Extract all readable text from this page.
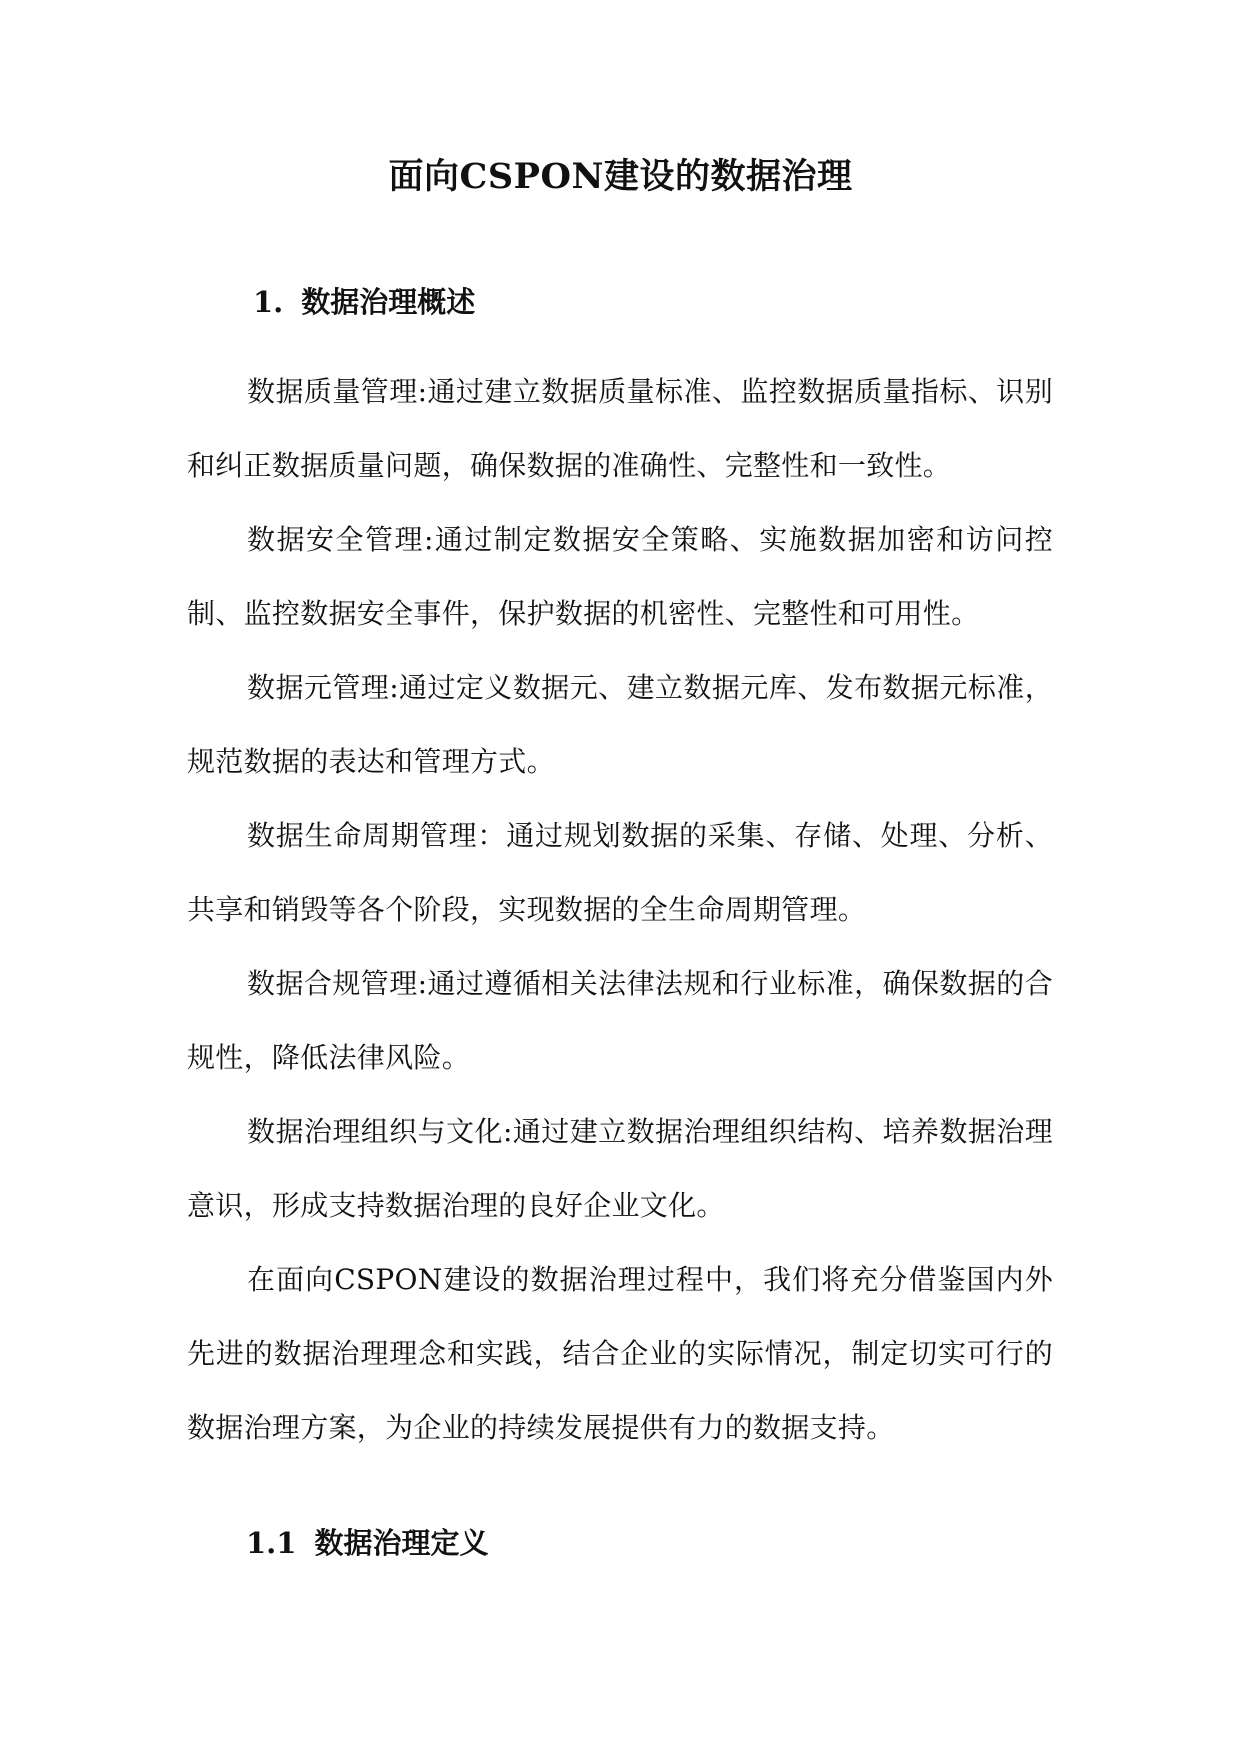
面向CSPON建设的数据治理
1. 数据治理概述

数据质量管理:通过建立数据质量标准、监控数据质量指标、识别和纠正数据质量问题，确保数据的准确性、完整性和一致性。

数据安全管理:通过制定数据安全策略、实施数据加密和访问控制、监控数据安全事件，保护数据的机密性、完整性和可用性。

数据元管理:通过定义数据元、建立数据元库、发布数据元标准，规范数据的表达和管理方式。

数据生命周期管理：通过规划数据的采集、存储、处理、分析、共享和销毁等各个阶段，实现数据的全生命周期管理。

数据合规管理:通过遵循相关法律法规和行业标准，确保数据的合规性，降低法律风险。

数据治理组织与文化:通过建立数据治理组织结构、培养数据治理意识，形成支持数据治理的良好企业文化。

在面向CSPON建设的数据治理过程中，我们将充分借鉴国内外先进的数据治理理念和实践，结合企业的实际情况，制定切实可行的数据治理方案，为企业的持续发展提供有力的数据支持。

1.1 数据治理定义
